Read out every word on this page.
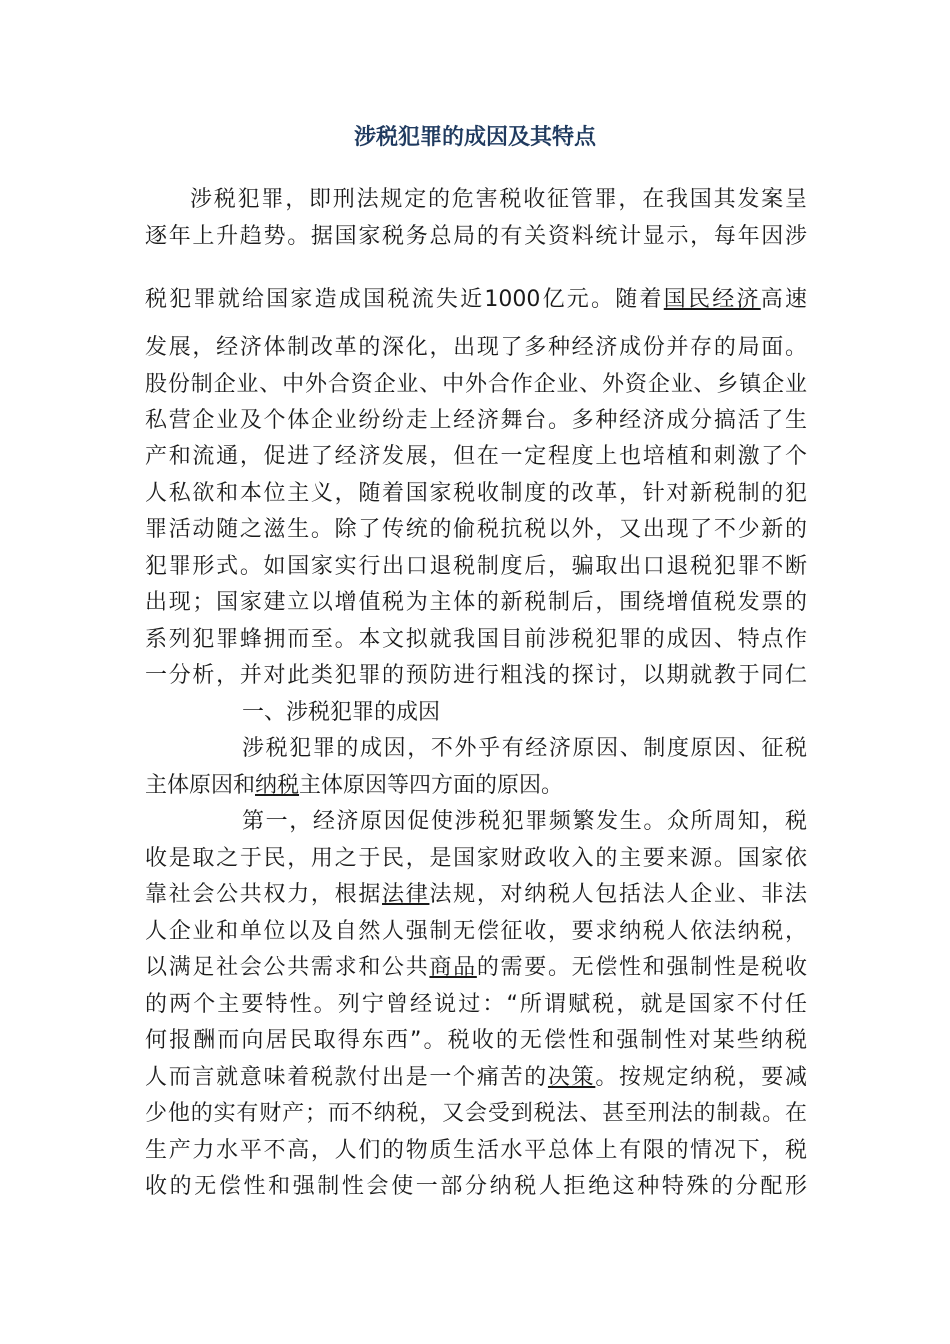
涉税犯罪的成因及其特点
涉税犯罪，即刑法规定的危害税收征管罪，在我国其发案呈
逐年上升趋势。据国家税务总局的有关资料统计显示，每年因涉
税犯罪就给国家造成国税流失近1000亿元。随着国民经济高速
发展，经济体制改革的深化，出现了多种经济成份并存的局面。
股份制企业、中外合资企业、中外合作企业、外资企业、乡镇企业
私营企业及个体企业纷纷走上经济舞台。多种经济成分搞活了生
产和流通，促进了经济发展，但在一定程度上也培植和刺激了个
人私欲和本位主义，随着国家税收制度的改革，针对新税制的犯
罪活动随之滋生。除了传统的偷税抗税以外，又出现了不少新的
犯罪形式。如国家实行出口退税制度后，骗取出口退税犯罪不断
出现；国家建立以增值税为主体的新税制后，围绕增值税发票的
系列犯罪蜂拥而至。本文拟就我国目前涉税犯罪的成因、特点作
一分析，并对此类犯罪的预防进行粗浅的探讨，以期就教于同仁
一、涉税犯罪的成因
涉税犯罪的成因，不外乎有经济原因、制度原因、征税
主体原因和纳税主体原因等四方面的原因。
第一，经济原因促使涉税犯罪频繁发生。众所周知，税
收是取之于民，用之于民，是国家财政收入的主要来源。国家依
靠社会公共权力，根据法律法规，对纳税人包括法人企业、非法
人企业和单位以及自然人强制无偿征收，要求纳税人依法纳税，
以满足社会公共需求和公共商品的需要。无偿性和强制性是税收
的两个主要特性。列宁曾经说过：“所谓赋税，就是国家不付任
何报酬而向居民取得东西”。税收的无偿性和强制性对某些纳税
人而言就意味着税款付出是一个痛苦的决策。按规定纳税，要减
少他的实有财产；而不纳税，又会受到税法、甚至刑法的制裁。在
生产力水平不高，人们的物质生活水平总体上有限的情况下，税
收的无偿性和强制性会使一部分纳税人拒绝这种特殊的分配形
